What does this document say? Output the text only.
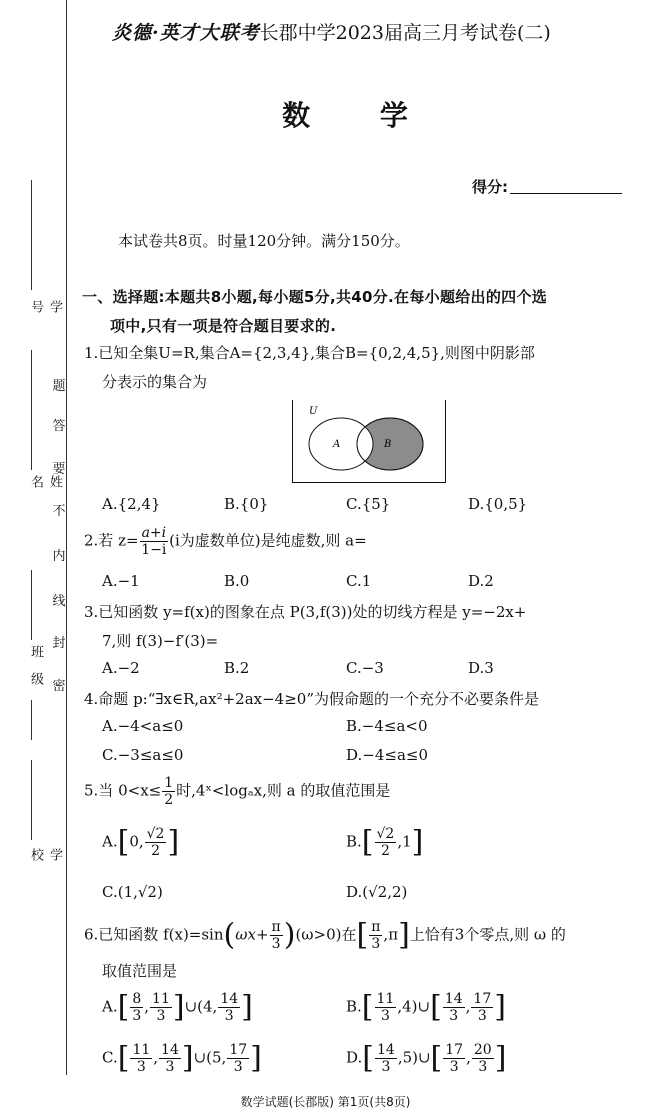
学号
姓名
班级
学校
题
答
要
不
内
线
封
密
炎德·英才大联考长郡中学2023届高三月考试卷(二)
数 学
得分:
本试卷共8页。时量120分钟。满分150分。
一、选择题:本题共8小题,每小题5分,共40分.在每小题给出的四个选
项中,只有一项是符合题目要求的.
1.已知全集U=R,集合A={2,3,4},集合B={0,2,4,5},则图中阴影部
分表示的集合为
U
A	B
A.{2,4}	B.{0}	C.{5}	D.{0,5}
2.若 $z= \frac{a+i}{1-i} (i$为虚数单位)是纯虚数,则 a=
A.−1	B.0	C.1	D.2
3.已知函数 y=f(x)的图象在点 P(3,f(3))处的切线方程是 y=−2x+
7,则 f(3)−f′(3)=
A.−2	B.2	C.−3	D.3
4.命题 p:“∃x∈R,ax²+2ax−4≥0”为假命题的一个充分不必要条件是
A.−4<a≤0	B.−4≤a<0
C.−3≤a≤0	D.−4≤a≤0
5.当 $0<x\le \frac{1}{2}$ 时,4ˣ<logₐx,则 a 的取值范围是
A.[0, $\frac{√2}{2}$ ]	$B.[ \frac{√2}{2} ,1]$
C.(1,√2)	D.(√2,2)
6.已知函数 $f(x)=\sin(\omega x+ \frac{\pi}{3} )(\omega>0)$在[ $\frac{\pi}{3} ,\pi$]上恰有3个零点,则 ω 的
取值范围是
$A.[ \frac{8}{3}$ , $\frac{11}{3}$ ]∪(4, $\frac{14}{3}$ ]	$B.[ \frac{11}{3}$ ,4)∪[ $\frac{14}{3}$ , $\frac{17}{3}$ ]
$C.[ \frac{11}{3}$ , $\frac{14}{3}$ ]∪(5, $\frac{17}{3}$ ]	$D.[ \frac{14}{3}$ ,5)∪[ $\frac{17}{3}$ , $\frac{20}{3}$ ]
数学试题(长郡版) 第1页(共8页)
